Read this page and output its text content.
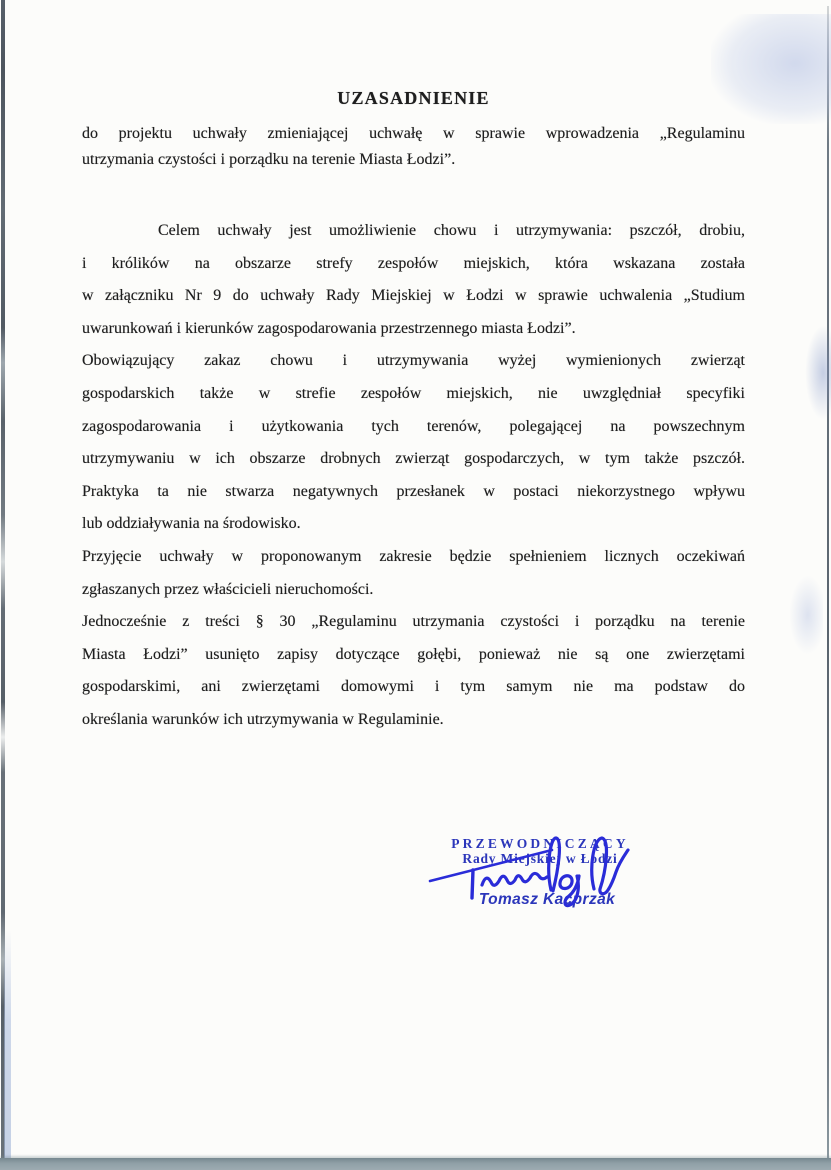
UZASADNIENIE
do projektu uchwały zmieniającej uchwałę w sprawie wprowadzenia „Regulaminu
utrzymania czystości i porządku na terenie Miasta Łodzi”.
Celem uchwały jest umożliwienie chowu i utrzymywania: pszczół, drobiu,
i królików na obszarze strefy zespołów miejskich, która wskazana została
w załączniku Nr 9 do uchwały Rady Miejskiej w Łodzi w sprawie uchwalenia „Studium
uwarunkowań i kierunków zagospodarowania przestrzennego miasta Łodzi”.
Obowiązujący zakaz chowu i utrzymywania wyżej wymienionych zwierząt
gospodarskich także w strefie zespołów miejskich, nie uwzględniał specyfiki
zagospodarowania i użytkowania tych terenów, polegającej na powszechnym
utrzymywaniu w ich obszarze drobnych zwierząt gospodarczych, w tym także pszczół.
Praktyka ta nie stwarza negatywnych przesłanek w postaci niekorzystnego wpływu
lub oddziaływania na środowisko.
Przyjęcie uchwały w proponowanym zakresie będzie spełnieniem licznych oczekiwań
zgłaszanych przez właścicieli nieruchomości.
Jednocześnie z treści § 30 „Regulaminu utrzymania czystości i porządku na terenie
Miasta Łodzi” usunięto zapisy dotyczące gołębi, ponieważ nie są one zwierzętami
gospodarskimi, ani zwierzętami domowymi i tym samym nie ma podstaw do
określania warunków ich utrzymywania w Regulaminie.
PRZEWODNICZĄCY
Rady Miejskiej w Łodzi
Tomasz Kacprzak
